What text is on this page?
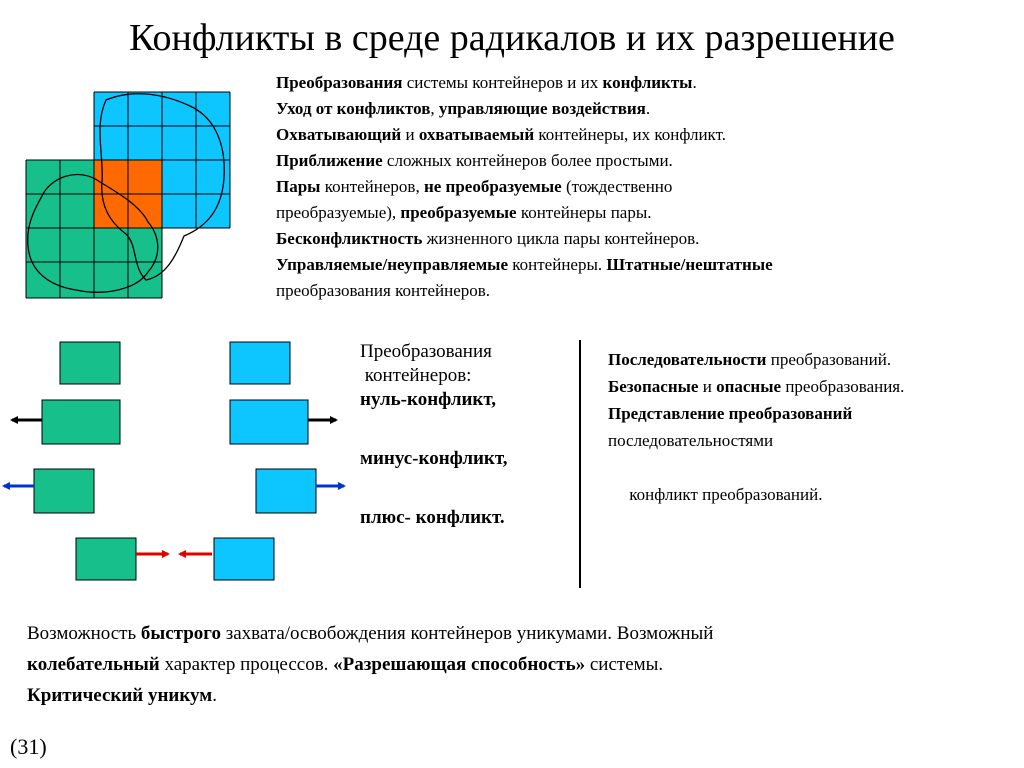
Конфликты в среде радикалов и их разрешение
Преобразования системы контейнеров и их конфликты.
Уход от конфликтов, управляющие воздействия.
Охватывающий и охватываемый контейнеры, их конфликт.
Приближение сложных контейнеров более простыми.
Пары контейнеров, не преобразуемые (тождественно
преобразуемые), преобразуемые контейнеры пары.
Бесконфликтность жизненного цикла пары контейнеров.
Управляемые/неуправляемые контейнеры. Штатные/нештатные
преобразования контейнеров.
Преобразования
контейнеров:
нуль-конфликт,
минус-конфликт,
плюс- конфликт.
Последовательности преобразований.
Безопасные и опасные преобразования.
Представление преобразований
последовательностями

конфликт преобразований.

Возможность быстрого захвата/освобождения контейнеров уникумами. Возможный
колебательный характер процессов. «Разрешающая способность» системы.
Критический уникум.
(31)
